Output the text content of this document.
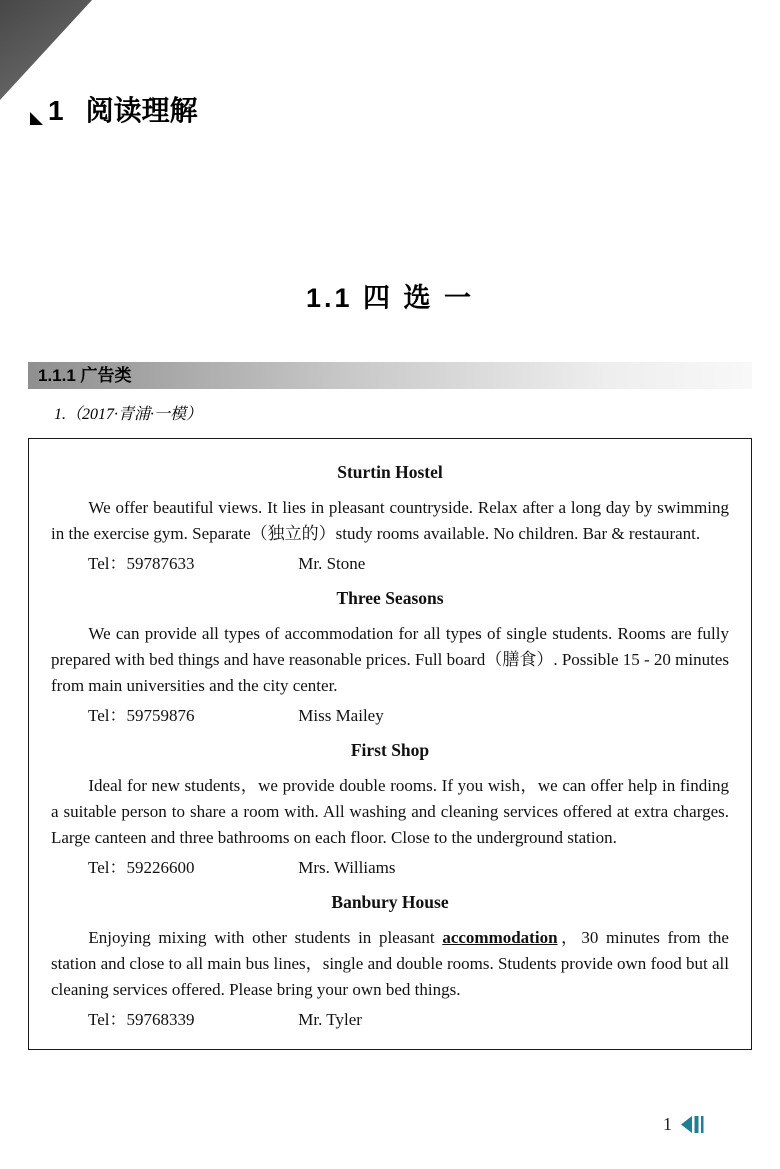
1 阅读理解
1.1 四 选 一
1.1.1 广告类

1.（2017·青浦·一模）

Sturtin Hostel

We offer beautiful views. It lies in pleasant countryside. Relax after a long day by swimming in the exercise gym. Separate（独立的）study rooms available. No children. Bar & restaurant.

Tel：59787633	Mr. Stone

Three Seasons

We can provide all types of accommodation for all types of single students. Rooms are fully prepared with bed things and have reasonable prices. Full board（膳食）. Possible 15 - 20 minutes from main universities and the city center.

Tel：59759876	Miss Mailey

First Shop

Ideal for new students，we provide double rooms. If you wish，we can offer help in finding a suitable person to share a room with. All washing and cleaning services offered at extra charges. Large canteen and three bathrooms on each floor. Close to the underground station.

Tel：59226600	Mrs. Williams

Banbury House

Enjoying mixing with other students in pleasant accommodation，30 minutes from the station and close to all main bus lines，single and double rooms. Students provide own food but all cleaning services offered. Please bring your own bed things.

Tel：59768339	Mr. Tyler

1
